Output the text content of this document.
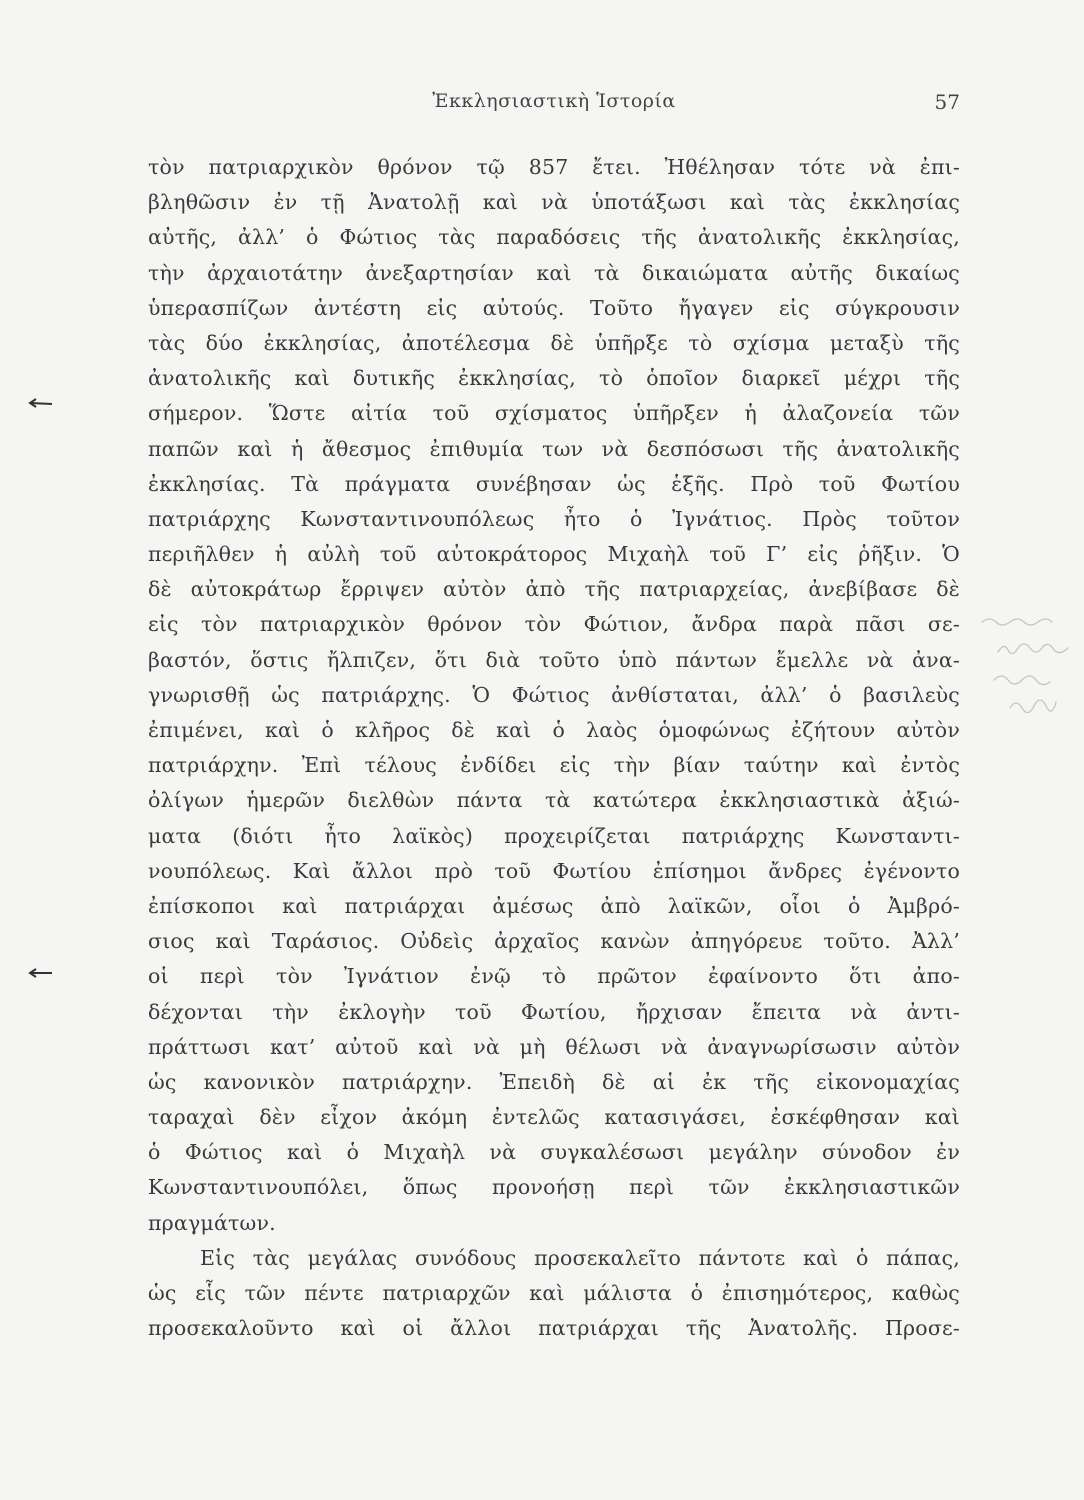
Ἐκκλησιαστικὴ Ἱστορία	57
τὸν πατριαρχικὸν θρόνον τῷ 857 ἔτει. Ἠθέλησαν τότε νὰ ἐπι-
βληθῶσιν ἐν τῇ Ἀνατολῇ καὶ νὰ ὑποτάξωσι καὶ τὰς ἐκκλησίας
αὐτῆς, ἀλλ’ ὁ Φώτιος τὰς παραδόσεις τῆς ἀνατολικῆς ἐκκλησίας,
τὴν ἀρχαιοτάτην ἀνεξαρτησίαν καὶ τὰ δικαιώματα αὐτῆς δικαίως
ὑπερασπίζων ἀντέστη εἰς αὐτούς. Τοῦτο ἤγαγεν εἰς σύγκρουσιν
τὰς δύο ἐκκλησίας, ἀποτέλεσμα δὲ ὑπῆρξε τὸ σχίσμα μεταξὺ τῆς
ἀνατολικῆς καὶ δυτικῆς ἐκκλησίας, τὸ ὁποῖον διαρκεῖ μέχρι τῆς
σήμερον. Ὥστε αἰτία τοῦ σχίσματος ὑπῆρξεν ἡ ἀλαζονεία τῶν
παπῶν καὶ ἡ ἄθεσμος ἐπιθυμία των νὰ δεσπόσωσι τῆς ἀνατολικῆς
ἐκκλησίας. Τὰ πράγματα συνέβησαν ὡς ἑξῆς. Πρὸ τοῦ Φωτίου
πατριάρχης Κωνσταντινουπόλεως ἦτο ὁ Ἰγνάτιος. Πρὸς τοῦτον
περιῆλθεν ἡ αὐλὴ τοῦ αὐτοκράτορος Μιχαὴλ τοῦ Γ’ εἰς ῥῆξιν. Ὁ
δὲ αὐτοκράτωρ ἔρριψεν αὐτὸν ἀπὸ τῆς πατριαρχείας, ἀνεβίβασε δὲ
εἰς τὸν πατριαρχικὸν θρόνον τὸν Φώτιον, ἄνδρα παρὰ πᾶσι σε-
βαστόν, ὅστις ἤλπιζεν, ὅτι διὰ τοῦτο ὑπὸ πάντων ἔμελλε νὰ ἀνα-
γνωρισθῇ ὡς πατριάρχης. Ὁ Φώτιος ἀνθίσταται, ἀλλ’ ὁ βασιλεὺς
ἐπιμένει, καὶ ὁ κλῆρος δὲ καὶ ὁ λαὸς ὁμοφώνως ἐζήτουν αὐτὸν
πατριάρχην. Ἐπὶ τέλους ἐνδίδει εἰς τὴν βίαν ταύτην καὶ ἐντὸς
ὀλίγων ἡμερῶν διελθὼν πάντα τὰ κατώτερα ἐκκλησιαστικὰ ἀξιώ-
ματα (διότι ἦτο λαϊκὸς) προχειρίζεται πατριάρχης Κωνσταντι-
νουπόλεως. Καὶ ἄλλοι πρὸ τοῦ Φωτίου ἐπίσημοι ἄνδρες ἐγένοντο
ἐπίσκοποι καὶ πατριάρχαι ἀμέσως ἀπὸ λαϊκῶν, οἷοι ὁ Ἀμβρό-
σιος καὶ Ταράσιος. Οὐδεὶς ἀρχαῖος κανὼν ἀπηγόρευε τοῦτο. Ἀλλ’
οἱ περὶ τὸν Ἰγνάτιον ἐνῷ τὸ πρῶτον ἐφαίνοντο ὅτι ἀπο-
δέχονται τὴν ἐκλογὴν τοῦ Φωτίου, ἤρχισαν ἔπειτα νὰ ἀντι-
πράττωσι κατ’ αὐτοῦ καὶ νὰ μὴ θέλωσι νὰ ἀναγνωρίσωσιν αὐτὸν
ὡς κανονικὸν πατριάρχην. Ἐπειδὴ δὲ αἱ ἐκ τῆς εἰκονομαχίας
ταραχαὶ δὲν εἶχον ἀκόμη ἐντελῶς κατασιγάσει, ἐσκέφθησαν καὶ
ὁ Φώτιος καὶ ὁ Μιχαὴλ νὰ συγκαλέσωσι μεγάλην σύνοδον ἐν
Κωνσταντινουπόλει, ὅπως προνοήσῃ περὶ τῶν ἐκκλησιαστικῶν
πραγμάτων.
Εἰς τὰς μεγάλας συνόδους προσεκαλεῖτο πάντοτε καὶ ὁ πάπας,
ὡς εἷς τῶν πέντε πατριαρχῶν καὶ μάλιστα ὁ ἐπισημότερος, καθὼς
προσεκαλοῦντο καὶ οἱ ἄλλοι πατριάρχαι τῆς Ἀνατολῆς. Προσε-
